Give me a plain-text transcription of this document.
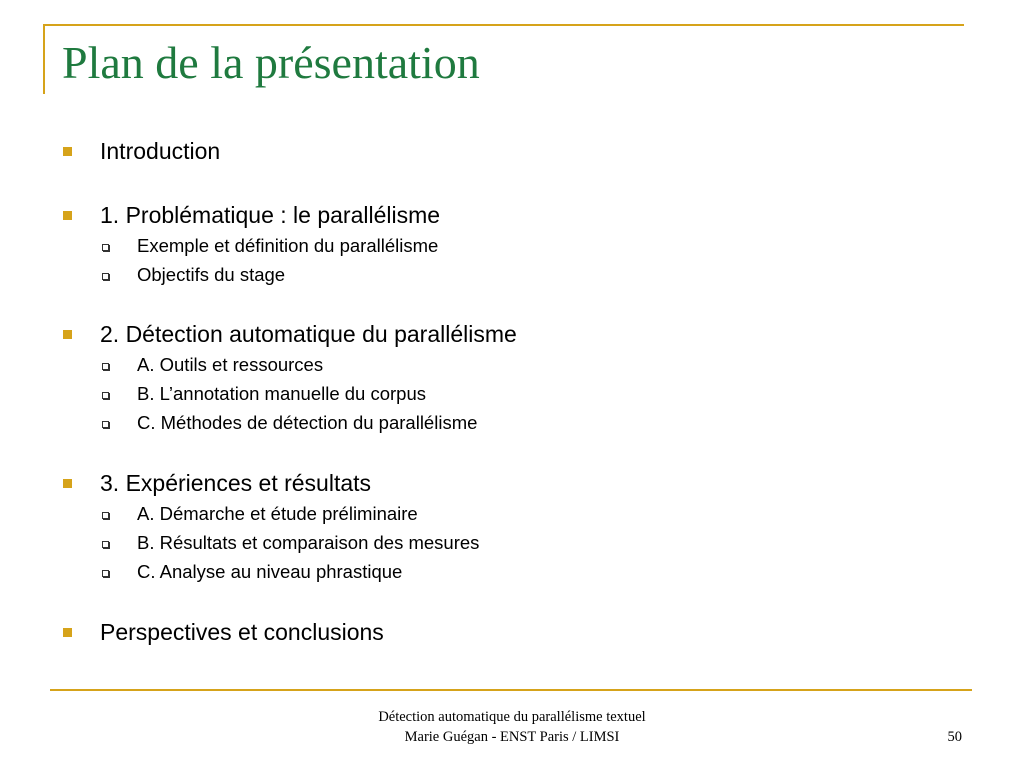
Plan de la présentation
Introduction
1. Problématique : le parallélisme
Exemple et définition du parallélisme
Objectifs du stage
2. Détection automatique du parallélisme
A. Outils et ressources
B. L’annotation manuelle du corpus
C. Méthodes de détection du parallélisme
3. Expériences et résultats
A. Démarche et étude préliminaire
B. Résultats et comparaison des mesures
C. Analyse au niveau phrastique
Perspectives et conclusions
Détection automatique du parallélisme textuel
Marie Guégan - ENST Paris / LIMSI	50
